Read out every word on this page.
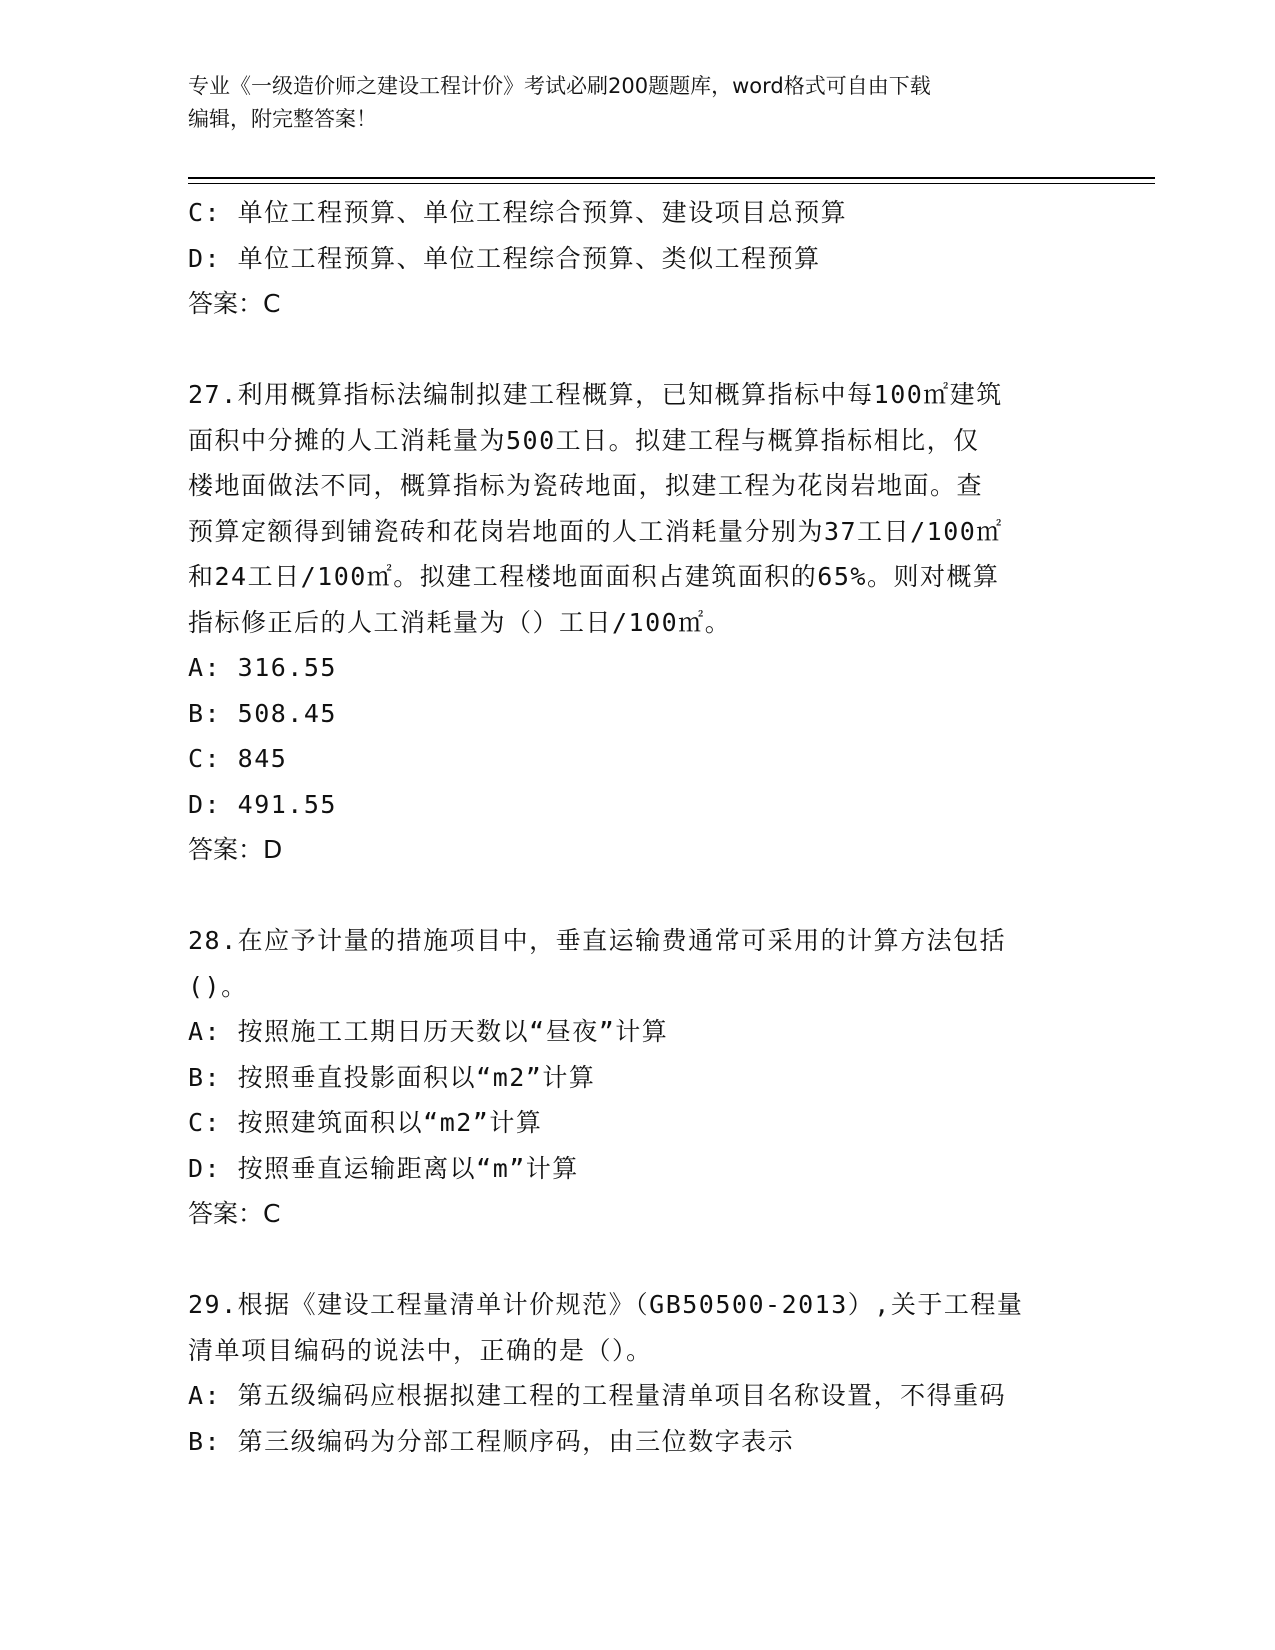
专业《一级造价师之建设工程计价》考试必刷200题题库，word格式可自由下载
编辑，附完整答案！
C: 单位工程预算、单位工程综合预算、建设项目总预算
D: 单位工程预算、单位工程综合预算、类似工程预算
答案：C
27.利用概算指标法编制拟建工程概算，已知概算指标中每100㎡建筑
面积中分摊的人工消耗量为500工日。拟建工程与概算指标相比，仅
楼地面做法不同，概算指标为瓷砖地面，拟建工程为花岗岩地面。查
预算定额得到铺瓷砖和花岗岩地面的人工消耗量分别为37工日/100㎡
和24工日/100㎡。拟建工程楼地面面积占建筑面积的65%。则对概算
指标修正后的人工消耗量为（）工日/100㎡。
A: 316.55
B: 508.45
C: 845
D: 491.55
答案：D
28.在应予计量的措施项目中，垂直运输费通常可采用的计算方法包括
()。
A: 按照施工工期日历天数以“昼夜”计算
B: 按照垂直投影面积以“m2”计算
C: 按照建筑面积以“m2”计算
D: 按照垂直运输距离以“m”计算
答案：C
29.根据《建设工程量清单计价规范》（GB50500-2013）,关于工程量
清单项目编码的说法中，正确的是（）。
A: 第五级编码应根据拟建工程的工程量清单项目名称设置，不得重码
B: 第三级编码为分部工程顺序码，由三位数字表示
